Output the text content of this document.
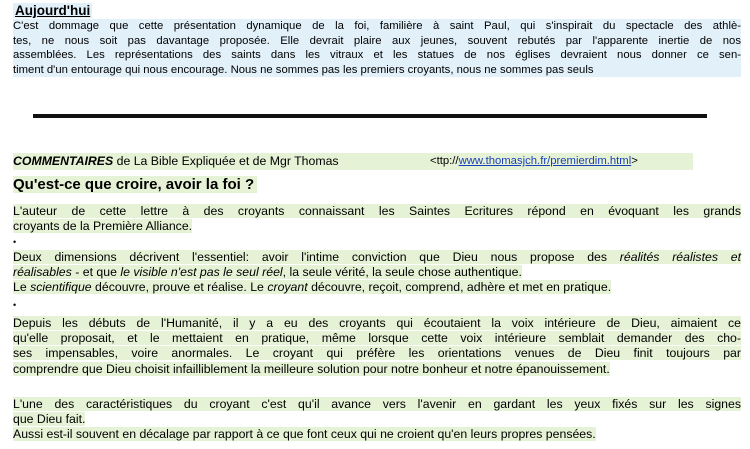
Aujourd'hui
C'est dommage que cette présentation dynamique de la foi, familière à saint Paul, qui s'inspirait du spectacle des athlè-
tes, ne nous soit pas davantage proposée. Elle devrait plaire aux jeunes, souvent rebutés par l'apparente inertie de nos
assemblées. Les représentations des saints dans les vitraux et les statues de nos églises devraient nous donner ce sen-
timent d'un entourage qui nous encourage. Nous ne sommes pas les premiers croyants, nous ne sommes pas seuls
COMMENTAIRES de La Bible Expliquée et de Mgr Thomas	<ttp://www.thomasjch.fr/premierdim.html>
Qu'est-ce que croire, avoir la foi ?
L'auteur de cette lettre à des croyants connaissant les Saintes Ecritures répond en évoquant les grands
croyants de la Première Alliance.
•
Deux dimensions décrivent l'essentiel: avoir l'intime conviction que Dieu nous propose des réalités réalistes et
réalisables - et que le visible n'est pas le seul réel, la seule vérité, la seule chose authentique.
Le scientifique découvre, prouve et réalise. Le croyant découvre, reçoit, comprend, adhère et met en pratique.
•
Depuis les débuts de l'Humanité, il y a eu des croyants qui écoutaient la voix intérieure de Dieu, aimaient ce
qu'elle proposait, et le mettaient en pratique, même lorsque cette voix intérieure semblait demander des cho-
ses impensables, voire anormales. Le croyant qui préfère les orientations venues de Dieu finit toujours par
comprendre que Dieu choisit infailliblement la meilleure solution pour notre bonheur et notre épanouissement.
L'une des caractéristiques du croyant c'est qu'il avance vers l'avenir en gardant les yeux fixés sur les signes
que Dieu fait.
Aussi est-il souvent en décalage par rapport à ce que font ceux qui ne croient qu'en leurs propres pensées.
